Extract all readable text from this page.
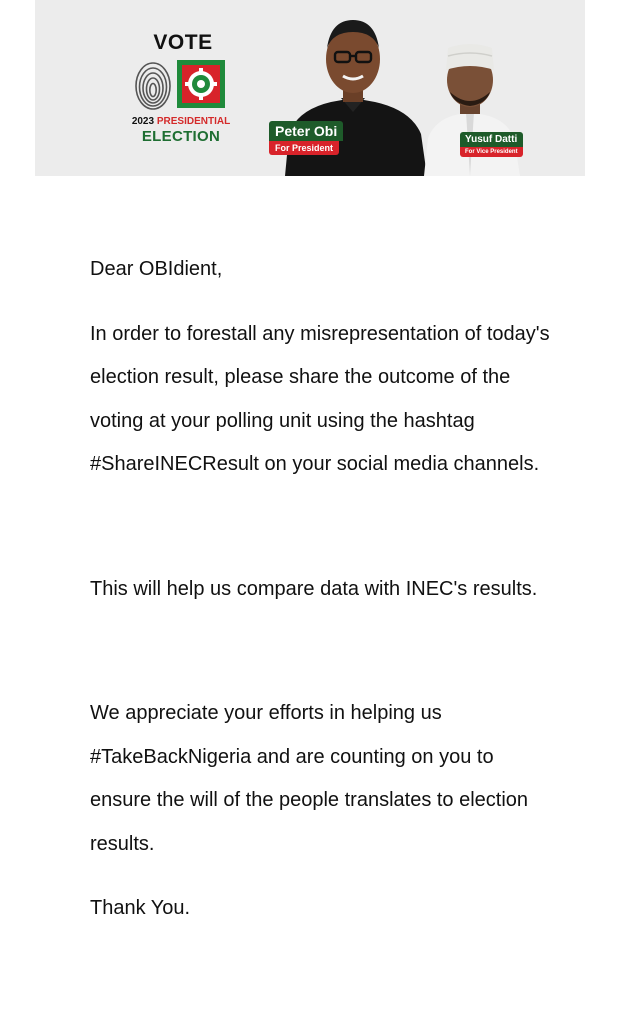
VOTE
2023 PRESIDENTIAL
ELECTION	Peter Obi
For President
Yusuf Datti
For Vice President

Dear OBIdient,

In order to forestall any misrepresentation of today's election result, please share the outcome of the voting at your polling unit using the hashtag #ShareINECResult on your social media channels.

This will help us compare data with INEC's results.

We appreciate your efforts in helping us #TakeBackNigeria and are counting on you to ensure the will of the people translates to election results.

Thank You.
